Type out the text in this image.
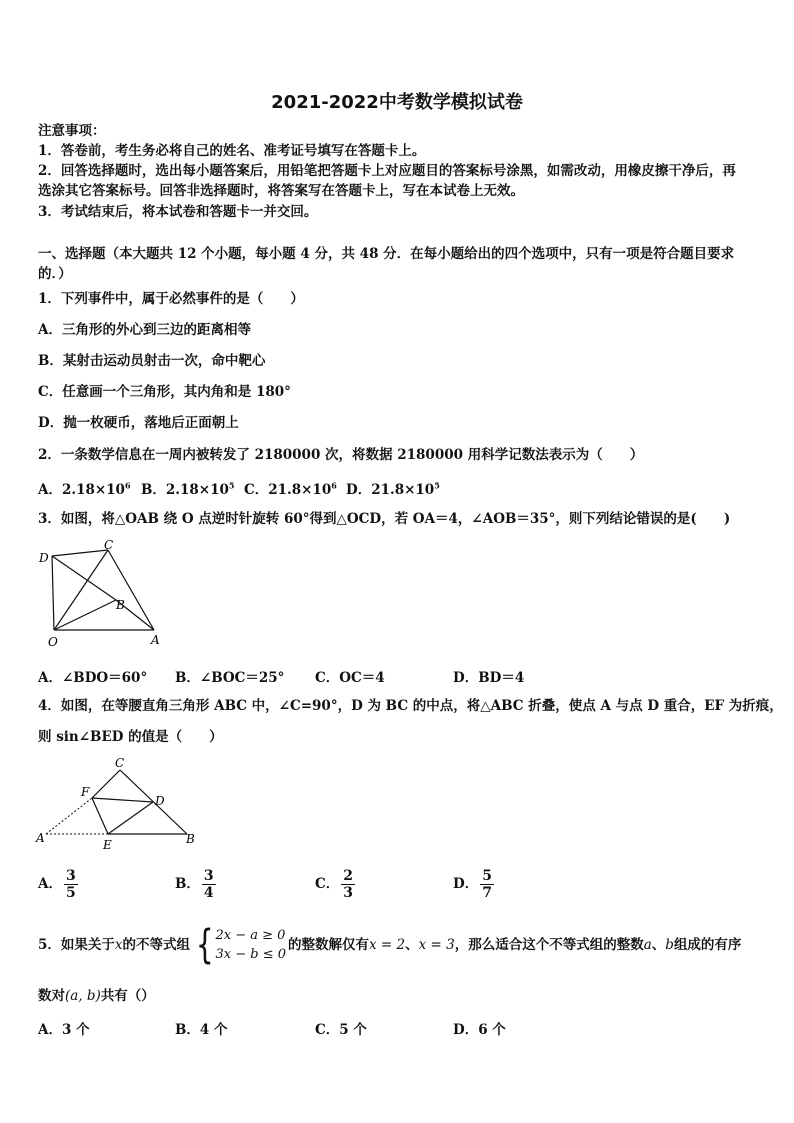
2021-2022中考数学模拟试卷
注意事项：
1．答卷前，考生务必将自己的姓名、准考证号填写在答题卡上。
2．回答选择题时，选出每小题答案后，用铅笔把答题卡上对应题目的答案标号涂黑，如需改动，用橡皮擦干净后，再
选涂其它答案标号。回答非选择题时，将答案写在答题卡上，写在本试卷上无效。
3．考试结束后，将本试卷和答题卡一并交回。
一、选择题（本大题共 12 个小题，每小题 4 分，共 48 分．在每小题给出的四个选项中，只有一项是符合题目要求
的．）
1．下列事件中，属于必然事件的是（　　）
A．三角形的外心到三边的距离相等
B．某射击运动员射击一次，命中靶心
C．任意画一个三角形，其内角和是 180°
D．抛一枚硬币，落地后正面朝上
2．一条数学信息在一周内被转发了 2180000 次，将数据 2180000 用科学记数法表示为（　　）
A．$2.18\times 10^6$ B．$2.18\times 10^5$ C．$21.8\times 10^6$ D．$21.8\times 10^5$
3．如图，将△OAB 绕 O 点逆时针旋转 60°得到△OCD，若 OA＝4，∠AOB＝35°，则下列结论错误的是(　　)
D
C
B
O	A
A．∠BDO＝60° B．∠BOC＝25° C．OC＝4	D．BD＝4
4．如图，在等腰直角三角形 ABC 中，∠C=90°，D 为 BC 的中点，将△ABC 折叠，使点 A 与点 D 重合，EF 为折痕，
则 sin∠BED 的值是（　　）
C
F
D
A	E	B
A． $\frac{3}{5}$	B． $\frac{3}{4}$	C． $\frac{2}{3}$	D． $\frac{5}{7}$
5．如果关于 x 的不等式组 { 2x − a ≥ 0
3x − b ≤ 0
的整数解仅有 x = 2 、 x = 3 ，那么适合这个不等式组的整数 a 、 b 组成的有序
数对(a, b)共有（）
A．3 个	B．4 个	C．5 个	D．6 个
